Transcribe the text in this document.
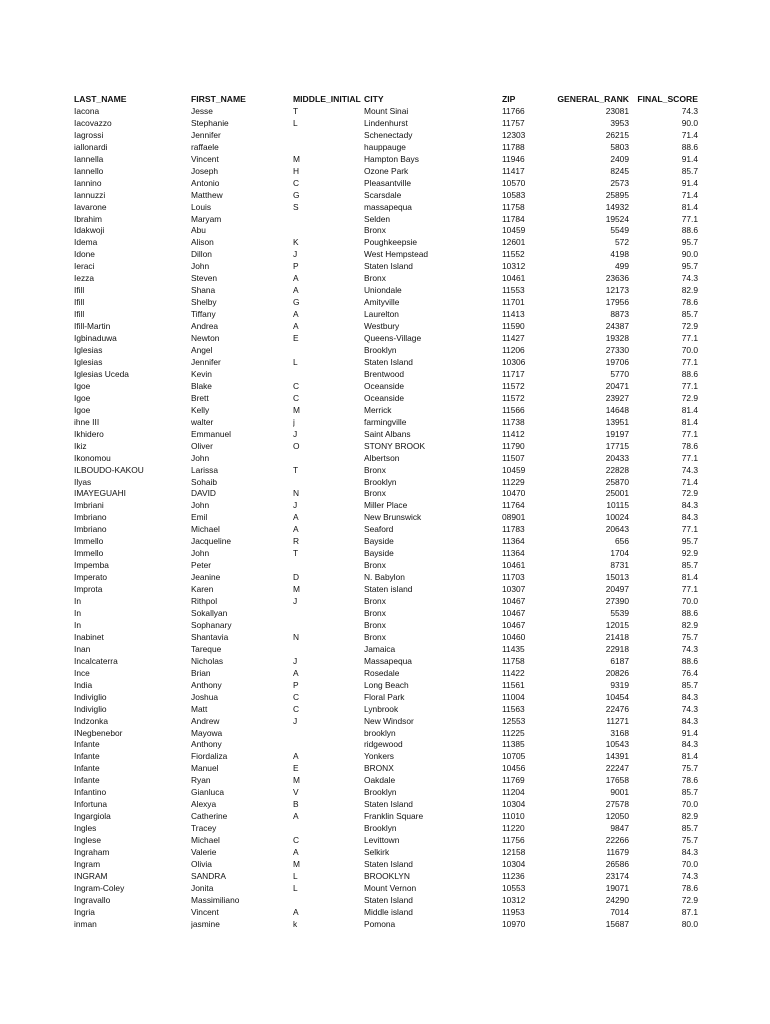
LAST_NAME	FIRST_NAME	MIDDLE_INITIAL	CITY	ZIP	GENERAL_RANK	FINAL_SCORE
Iacona	Jesse	T	Mount Sinai	11766	23081	74.3
Iacovazzo	Stephanie	L	Lindenhurst	11757	3953	90.0
Iagrossi	Jennifer		Schenectady	12303	26215	71.4
iallonardi	raffaele		hauppauge	11788	5803	88.6
Iannella	Vincent	M	Hampton Bays	11946	2409	91.4
Iannello	Joseph	H	Ozone Park	11417	8245	85.7
Iannino	Antonio	C	Pleasantville	10570	2573	91.4
Iannuzzi	Matthew	G	Scarsdale	10583	25895	71.4
Iavarone	Louis	S	massapequa	11758	14932	81.4
Ibrahim	Maryam		Selden	11784	19524	77.1
Idakwoji	Abu		Bronx	10459	5549	88.6
Idema	Alison	K	Poughkeepsie	12601	572	95.7
Idone	Dillon	J	West Hempstead	11552	4198	90.0
Ieraci	John	P	Staten Island	10312	499	95.7
Iezza	Steven	A	Bronx	10461	23636	74.3
Ifill	Shana	A	Uniondale	11553	12173	82.9
Ifill	Shelby	G	Amityville	11701	17956	78.6
Ifill	Tiffany	A	Laurelton	11413	8873	85.7
Ifill-Martin	Andrea	A	Westbury	11590	24387	72.9
Igbinaduwa	Newton	E	Queens-Village	11427	19328	77.1
Iglesias	Angel		Brooklyn	11206	27330	70.0
Iglesias	Jennifer	L	Staten Island	10306	19706	77.1
Iglesias Uceda	Kevin		Brentwood	11717	5770	88.6
Igoe	Blake	C	Oceanside	11572	20471	77.1
Igoe	Brett	C	Oceanside	11572	23927	72.9
Igoe	Kelly	M	Merrick	11566	14648	81.4
ihne III	walter	j	farmingville	11738	13951	81.4
Ikhidero	Emmanuel	J	Saint Albans	11412	19197	77.1
Ikiz	Oliver	O	STONY BROOK	11790	17715	78.6
Ikonomou	John		Albertson	11507	20433	77.1
ILBOUDO-KAKOU	Larissa	T	Bronx	10459	22828	74.3
Ilyas	Sohaib		Brooklyn	11229	25870	71.4
IMAYEGUAHI	DAVID	N	Bronx	10470	25001	72.9
Imbriani	John	J	Miller Place	11764	10115	84.3
Imbriano	Emil	A	New Brunswick	08901	10024	84.3
Imbriano	Michael	A	Seaford	11783	20643	77.1
Immello	Jacqueline	R	Bayside	11364	656	95.7
Immello	John	T	Bayside	11364	1704	92.9
Impemba	Peter		Bronx	10461	8731	85.7
Imperato	Jeanine	D	N. Babylon	11703	15013	81.4
Improta	Karen	M	Staten island	10307	20497	77.1
In	Rithpol	J	Bronx	10467	27390	70.0
In	Sokallyan		Bronx	10467	5539	88.6
In	Sophanary		Bronx	10467	12015	82.9
Inabinet	Shantavia	N	Bronx	10460	21418	75.7
Inan	Tareque		Jamaica	11435	22918	74.3
Incalcaterra	Nicholas	J	Massapequa	11758	6187	88.6
Ince	Brian	A	Rosedale	11422	20826	76.4
India	Anthony	P	Long Beach	11561	9319	85.7
Indiviglio	Joshua	C	Floral Park	11004	10454	84.3
Indiviglio	Matt	C	Lynbrook	11563	22476	74.3
Indzonka	Andrew	J	New Windsor	12553	11271	84.3
INegbenebor	Mayowa		brooklyn	11225	3168	91.4
Infante	Anthony		ridgewood	11385	10543	84.3
Infante	Fiordaliza	A	Yonkers	10705	14391	81.4
Infante	Manuel	E	BRONX	10456	22247	75.7
Infante	Ryan	M	Oakdale	11769	17658	78.6
Infantino	Gianluca	V	Brooklyn	11204	9001	85.7
Infortuna	Alexya	B	Staten Island	10304	27578	70.0
Ingargiola	Catherine	A	Franklin Square	11010	12050	82.9
Ingles	Tracey		Brooklyn	11220	9847	85.7
Inglese	Michael	C	Levittown	11756	22266	75.7
Ingraham	Valerie	A	Selkirk	12158	11679	84.3
Ingram	Olivia	M	Staten Island	10304	26586	70.0
INGRAM	SANDRA	L	BROOKLYN	11236	23174	74.3
Ingram-Coley	Jonita	L	Mount Vernon	10553	19071	78.6
Ingravallo	Massimiliano		Staten Island	10312	24290	72.9
Ingria	Vincent	A	Middle island	11953	7014	87.1
inman	jasmine	k	Pomona	10970	15687	80.0
